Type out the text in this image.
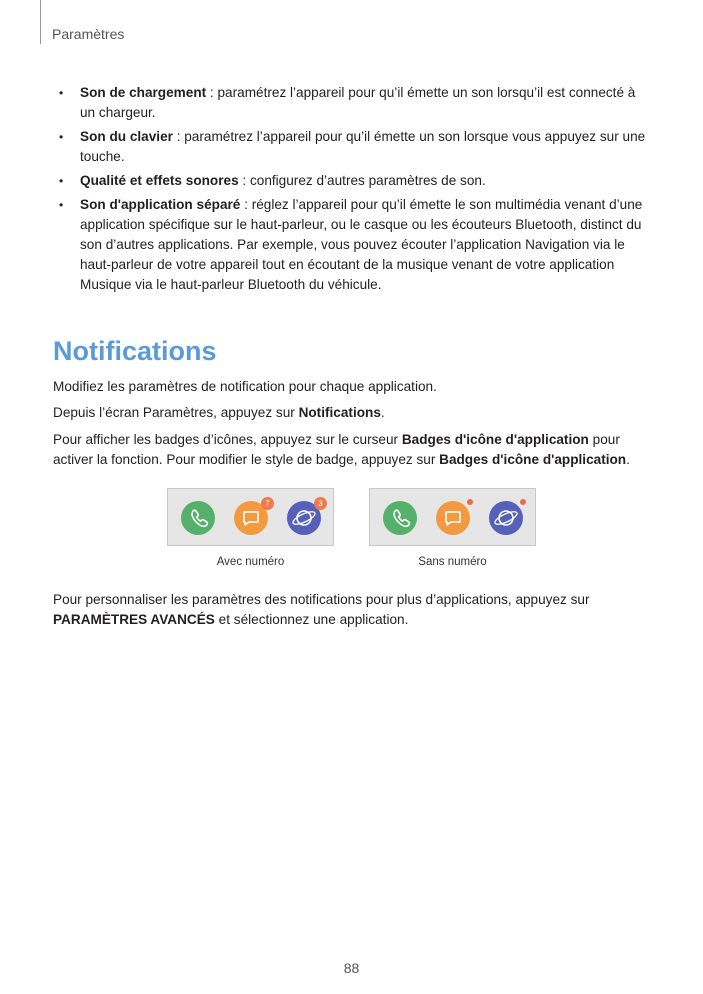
Paramètres
• Son de chargement : paramétrez l’appareil pour qu’il émette un son lorsqu’il est connecté à un chargeur.
• Son du clavier : paramétrez l’appareil pour qu’il émette un son lorsque vous appuyez sur une touche.
• Qualité et effets sonores : configurez d’autres paramètres de son.
• Son d'application séparé : réglez l’appareil pour qu’il émette le son multimédia venant d’une application spécifique sur le haut-parleur, ou le casque ou les écouteurs Bluetooth, distinct du son d’autres applications. Par exemple, vous pouvez écouter l’application Navigation via le haut-parleur de votre appareil tout en écoutant de la musique venant de votre application Musique via le haut-parleur Bluetooth du véhicule.
Notifications

Modifiez les paramètres de notification pour chaque application.

Depuis l’écran Paramètres, appuyez sur Notifications.

Pour afficher les badges d’icônes, appuyez sur le curseur Badges d'icône d'application pour activer la fonction. Pour modifier le style de badge, appuyez sur Badges d'icône d'application.

7	3
Avec numéro	Sans numéro

Pour personnaliser les paramètres des notifications pour plus d’applications, appuyez sur PARAMÈTRES AVANCÉS et sélectionnez une application.

88
